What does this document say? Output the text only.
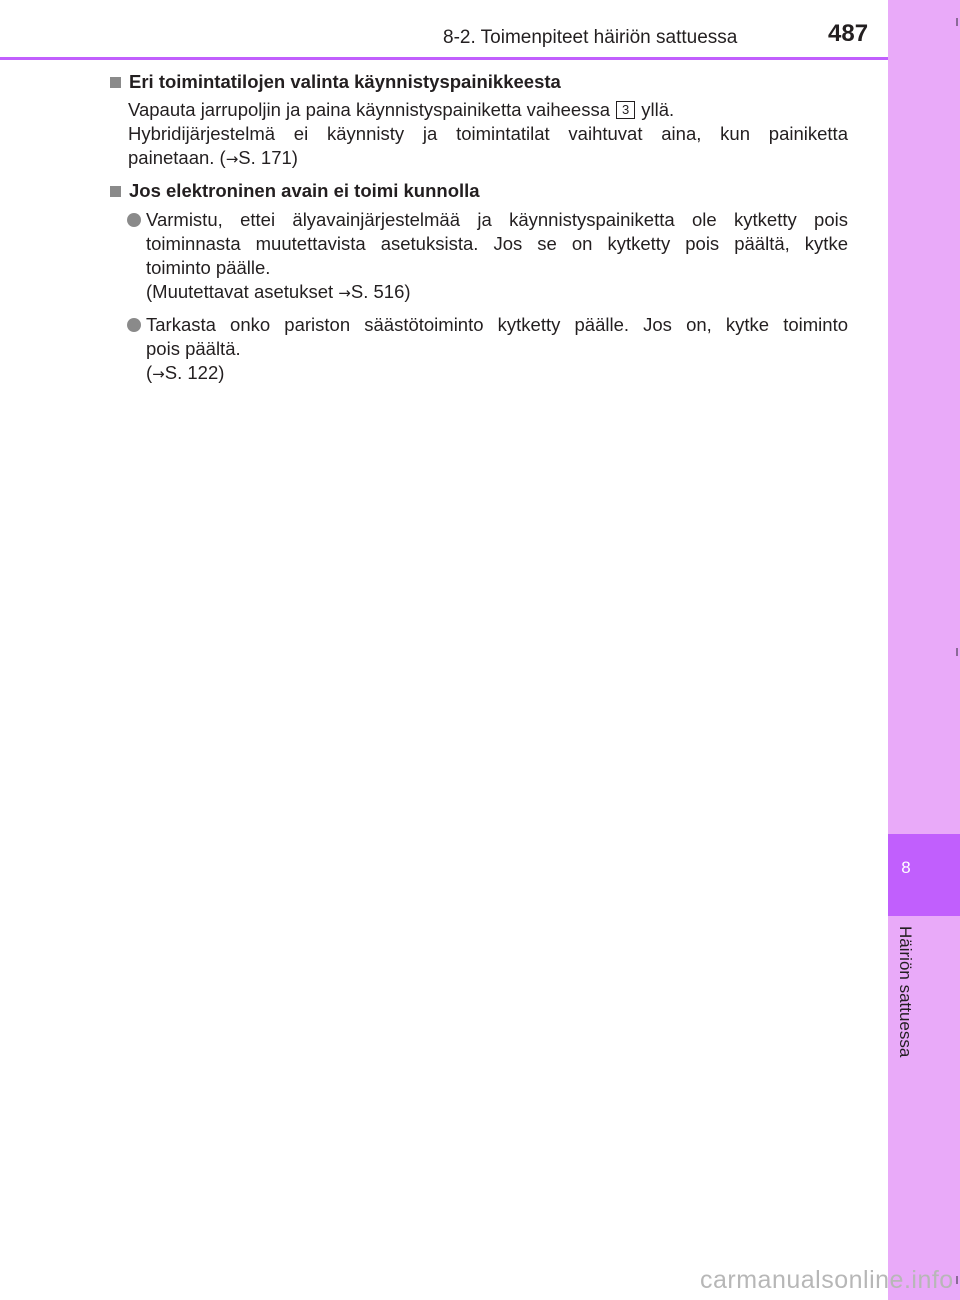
8
Häiriön sattuessa
8-2. Toimenpiteet häiriön sattuessa	487
Eri toimintatilojen valinta käynnistyspainikkeesta
Vapauta jarrupoljin ja paina käynnistyspainiketta vaiheessa 3 yllä.
Hybridijärjestelmä ei käynnisty ja toimintatilat vaihtuvat aina, kun painiketta
painetaan. (→S. 171)
Jos elektroninen avain ei toimi kunnolla
Varmistu, ettei älyavainjärjestelmää ja käynnistyspainiketta ole kytketty pois
toiminnasta muutettavista asetuksista. Jos se on kytketty pois päältä, kytke
toiminto päälle.
(Muutettavat asetukset →S. 516)
Tarkasta onko pariston säästötoiminto kytketty päälle. Jos on, kytke toiminto
pois päältä.
(→S. 122)
carmanualsonline.info
